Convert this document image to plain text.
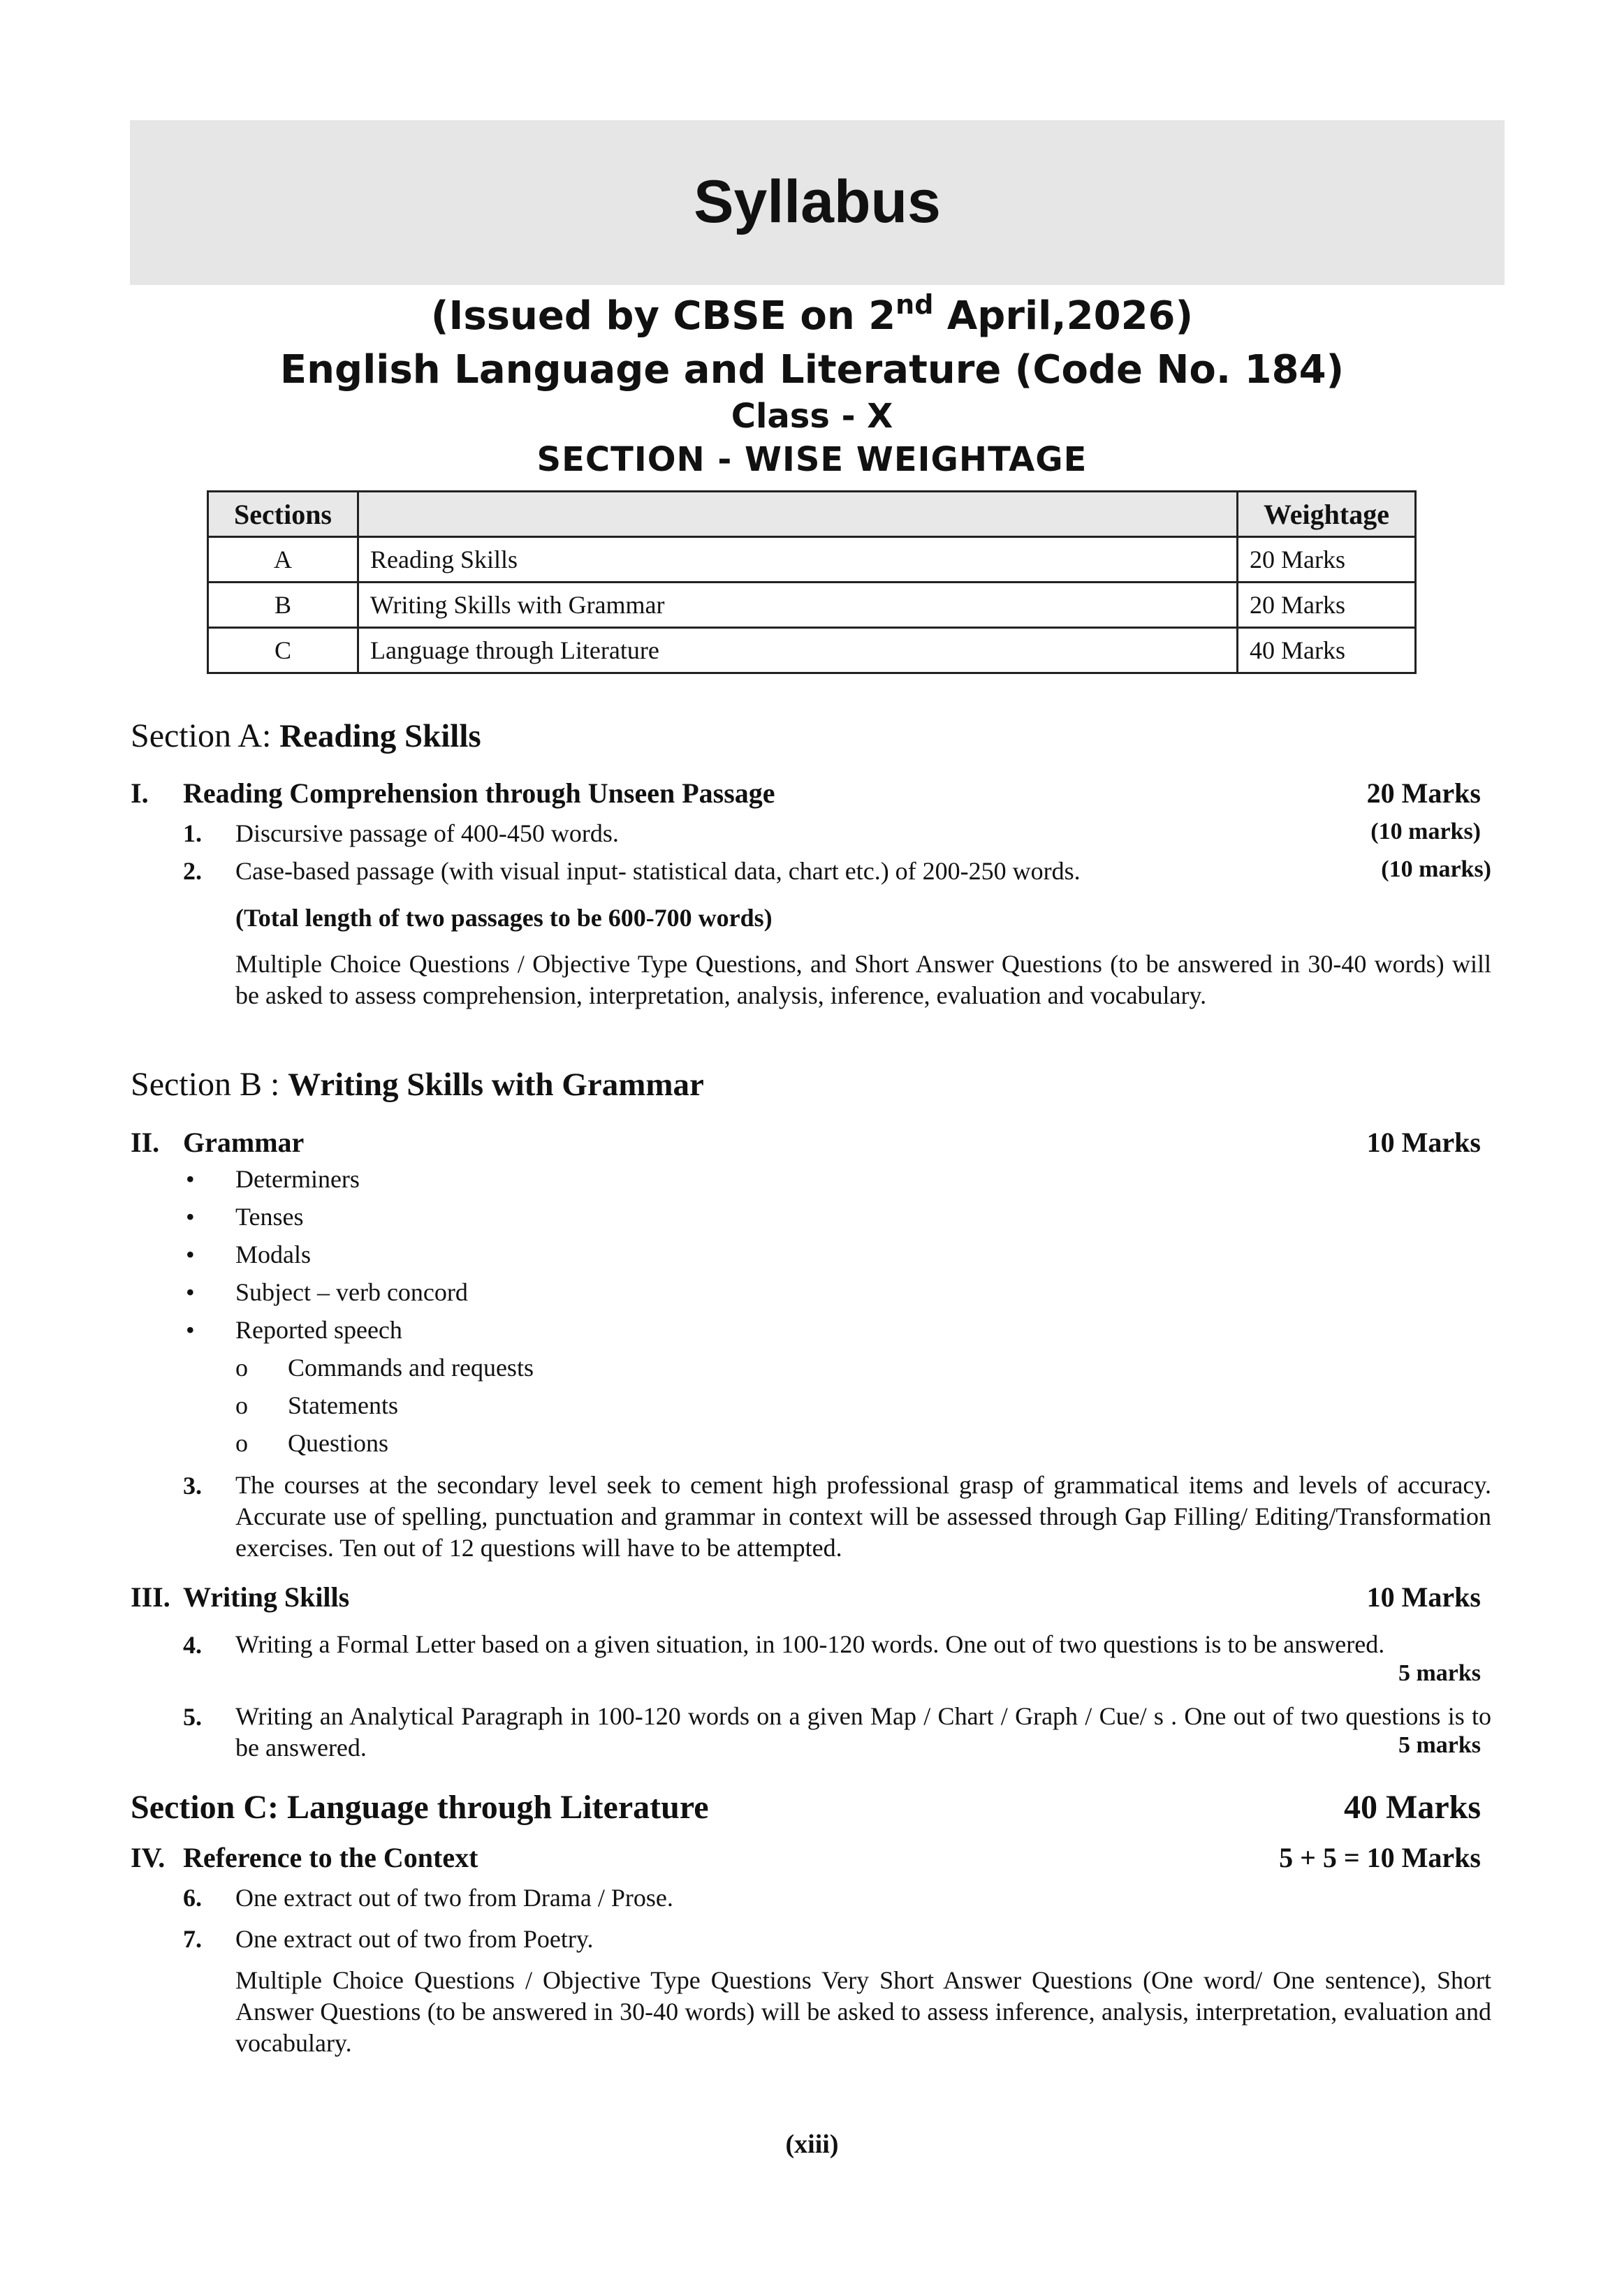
Syllabus
(Issued by CBSE on 2nd April,2026)
English Language and Literature (Code No. 184)
Class - X
SECTION - WISE WEIGHTAGE
Sections		Weightage
A	Reading Skills	20 Marks
B	Writing Skills with Grammar	20 Marks
C	Language through Literature	40 Marks
Section A: Reading Skills
I. Reading Comprehension through Unseen Passage	20 Marks
1. Discursive passage of 400-450 words.	(10 marks)
2. Case-based passage (with visual input- statistical data, chart etc.) of 200-250 words.	(10 marks)
(Total length of two passages to be 600-700 words)
Multiple Choice Questions / Objective Type Questions, and Short Answer Questions (to be answered in 30-40 words) will be asked to assess comprehension, interpretation, analysis, inference, evaluation and vocabulary.
Section B : Writing Skills with Grammar
II. Grammar	10 Marks
• Determiners
• Tenses
• Modals
• Subject – verb concord
• Reported speech
o Commands and requests
o Statements
o Questions
3. The courses at the secondary level seek to cement high professional grasp of grammatical items and levels of accuracy. Accurate use of spelling, punctuation and grammar in context will be assessed through Gap Filling/ Editing/Transformation exercises. Ten out of 12 questions will have to be attempted.
III. Writing Skills	10 Marks
4. Writing a Formal Letter based on a given situation, in 100-120 words. One out of two questions is to be answered.
5 marks
5. Writing an Analytical Paragraph in 100-120 words on a given Map / Chart / Graph / Cue/ s . One out of two questions is to be answered.	5 marks
Section C: Language through Literature	40 Marks
IV. Reference to the Context	5 + 5 = 10 Marks
6. One extract out of two from Drama / Prose.
7. One extract out of two from Poetry.
Multiple Choice Questions / Objective Type Questions Very Short Answer Questions (One word/ One sentence), Short Answer Questions (to be answered in 30-40 words) will be asked to assess inference, analysis, interpretation, evaluation and vocabulary.
(xiii)
